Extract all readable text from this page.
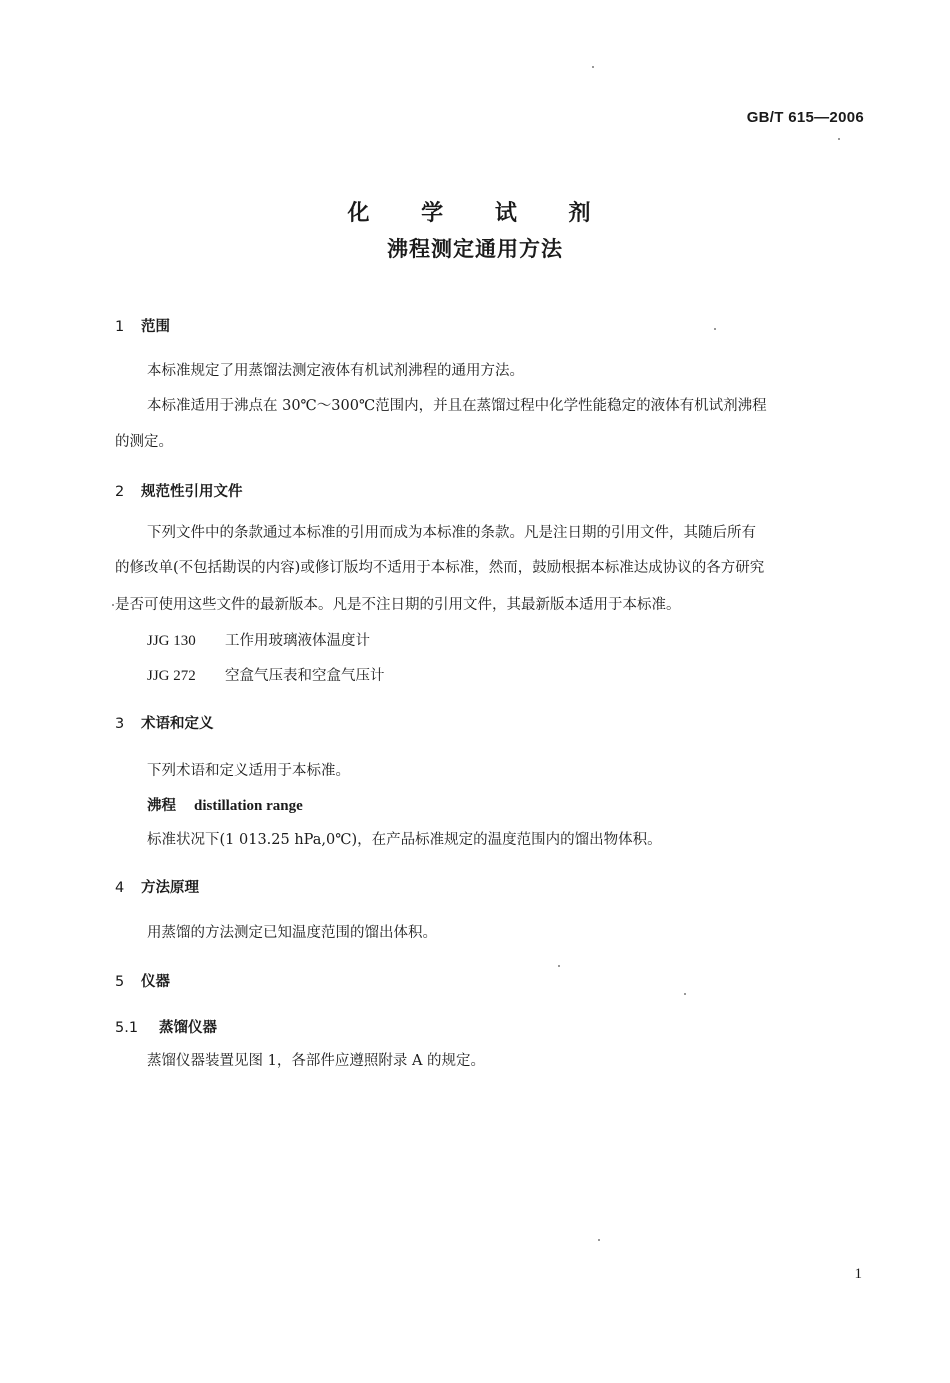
GB/T 615—2006
化 学 试 剂
沸程测定通用方法
1 范围
本标准规定了用蒸馏法测定液体有机试剂沸程的通用方法。
本标准适用于沸点在 30℃～300℃范围内，并且在蒸馏过程中化学性能稳定的液体有机试剂沸程
的测定。
2 规范性引用文件
下列文件中的条款通过本标准的引用而成为本标准的条款。凡是注日期的引用文件，其随后所有
的修改单(不包括勘误的内容)或修订版均不适用于本标准，然而，鼓励根据本标准达成协议的各方研究
是否可使用这些文件的最新版本。凡是不注日期的引用文件，其最新版本适用于本标准。
JJG 130 工作用玻璃液体温度计
JJG 272 空盒气压表和空盒气压计
3 术语和定义
下列术语和定义适用于本标准。
沸程 distillation range
标准状况下(1 013.25 hPa,0℃)，在产品标准规定的温度范围内的馏出物体积。
4 方法原理
用蒸馏的方法测定已知温度范围的馏出体积。
5 仪器
5.1 蒸馏仪器
蒸馏仪器装置见图 1，各部件应遵照附录 A 的规定。
1
